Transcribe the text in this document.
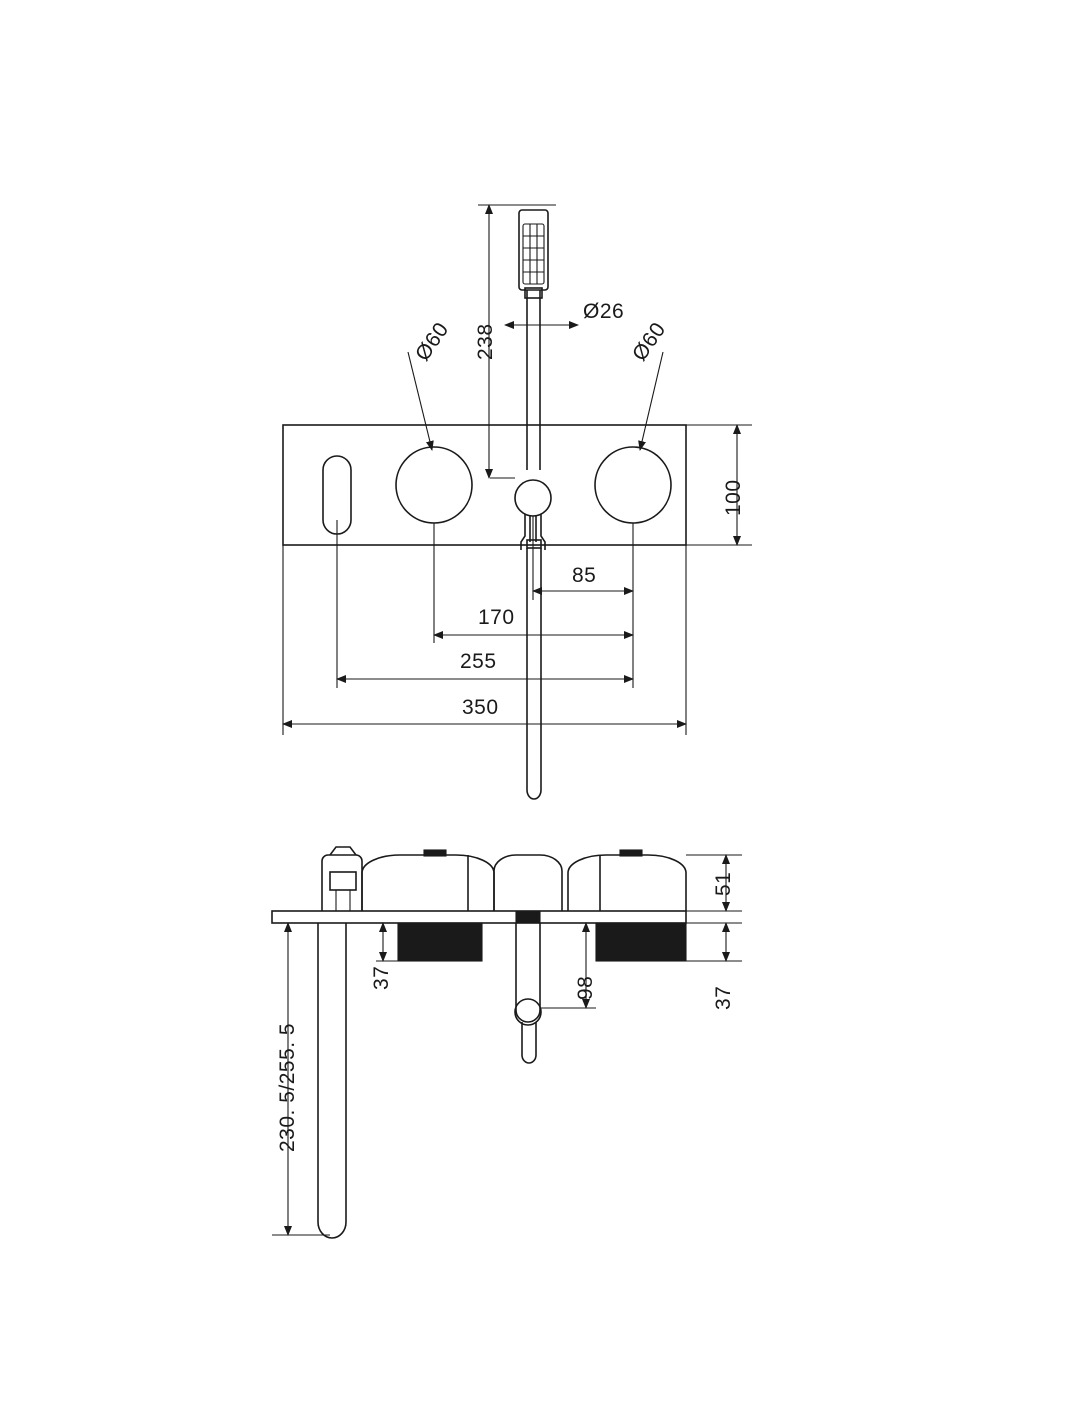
238
Ø26
Ø60	Ø60
100
85
170
255
350
51
37	98	37
230. 5/255. 5
